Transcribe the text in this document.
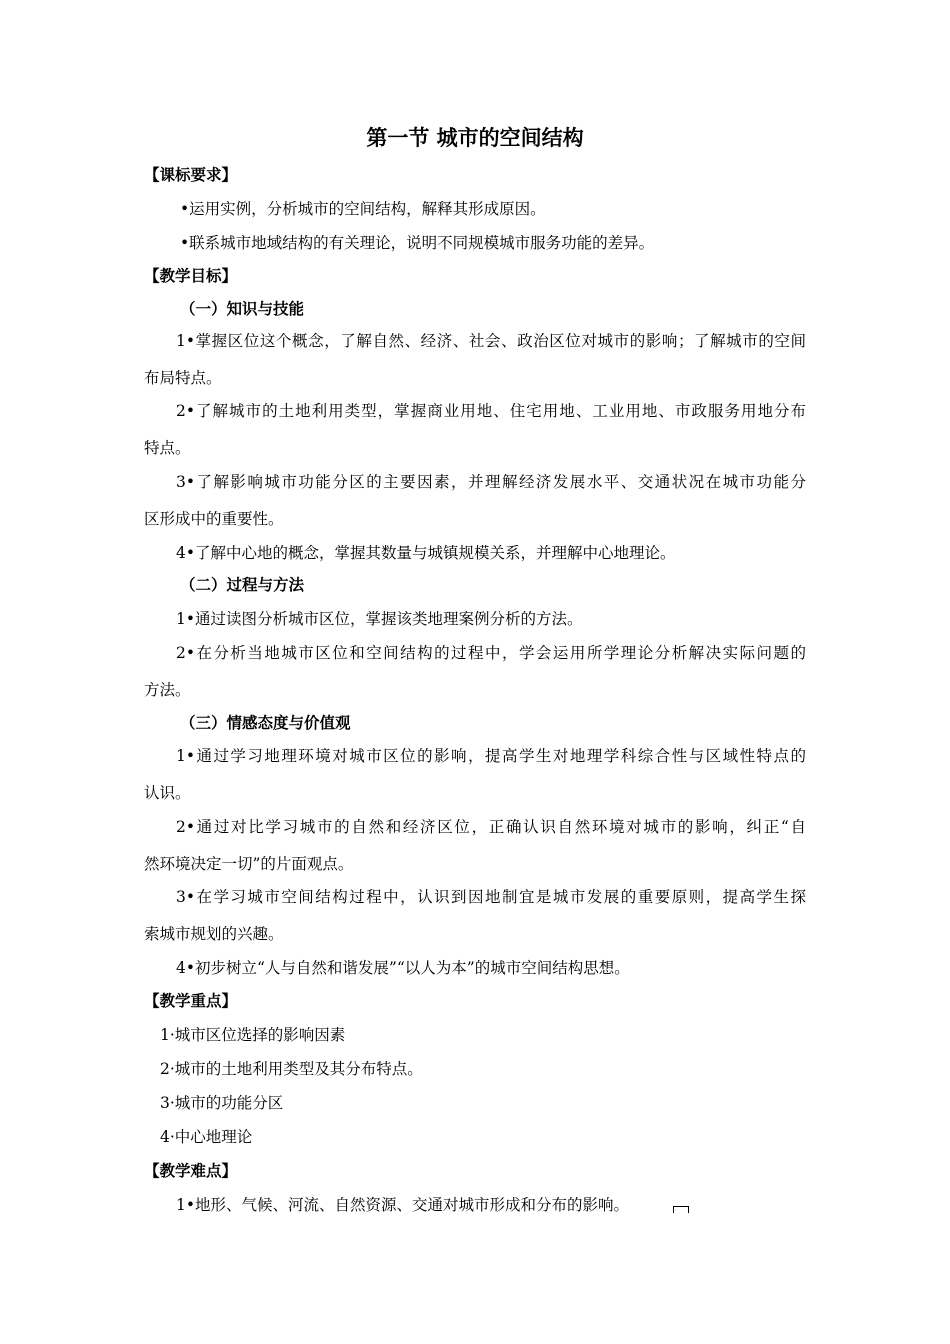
第一节 城市的空间结构
【课标要求】
•运用实例，分析城市的空间结构，解释其形成原因。
•联系城市地域结构的有关理论，说明不同规模城市服务功能的差异。
【教学目标】
（一）知识与技能
1•掌握区位这个概念，了解自然、经济、社会、政治区位对城市的影响；了解城市的空间
布局特点。
2•了解城市的土地利用类型，掌握商业用地、住宅用地、工业用地、市政服务用地分布
特点。
3•了解影响城市功能分区的主要因素，并理解经济发展水平、交通状况在城市功能分
区形成中的重要性。
4•了解中心地的概念，掌握其数量与城镇规模关系，并理解中心地理论。
（二）过程与方法
1•通过读图分析城市区位，掌握该类地理案例分析的方法。
2•在分析当地城市区位和空间结构的过程中，学会运用所学理论分析解决实际问题的
方法。
（三）情感态度与价值观
1•通过学习地理环境对城市区位的影响，提高学生对地理学科综合性与区域性特点的
认识。
2•通过对比学习城市的自然和经济区位，正确认识自然环境对城市的影响，纠正“自
然环境决定一切”的片面观点。
3•在学习城市空间结构过程中，认识到因地制宜是城市发展的重要原则，提高学生探
索城市规划的兴趣。
4•初步树立“人与自然和谐发展”“以人为本”的城市空间结构思想。
【教学重点】
1·城市区位选择的影响因素
2·城市的土地利用类型及其分布特点。
3·城市的功能分区
4·中心地理论
【教学难点】
1•地形、气候、河流、自然资源、交通对城市形成和分布的影响。
